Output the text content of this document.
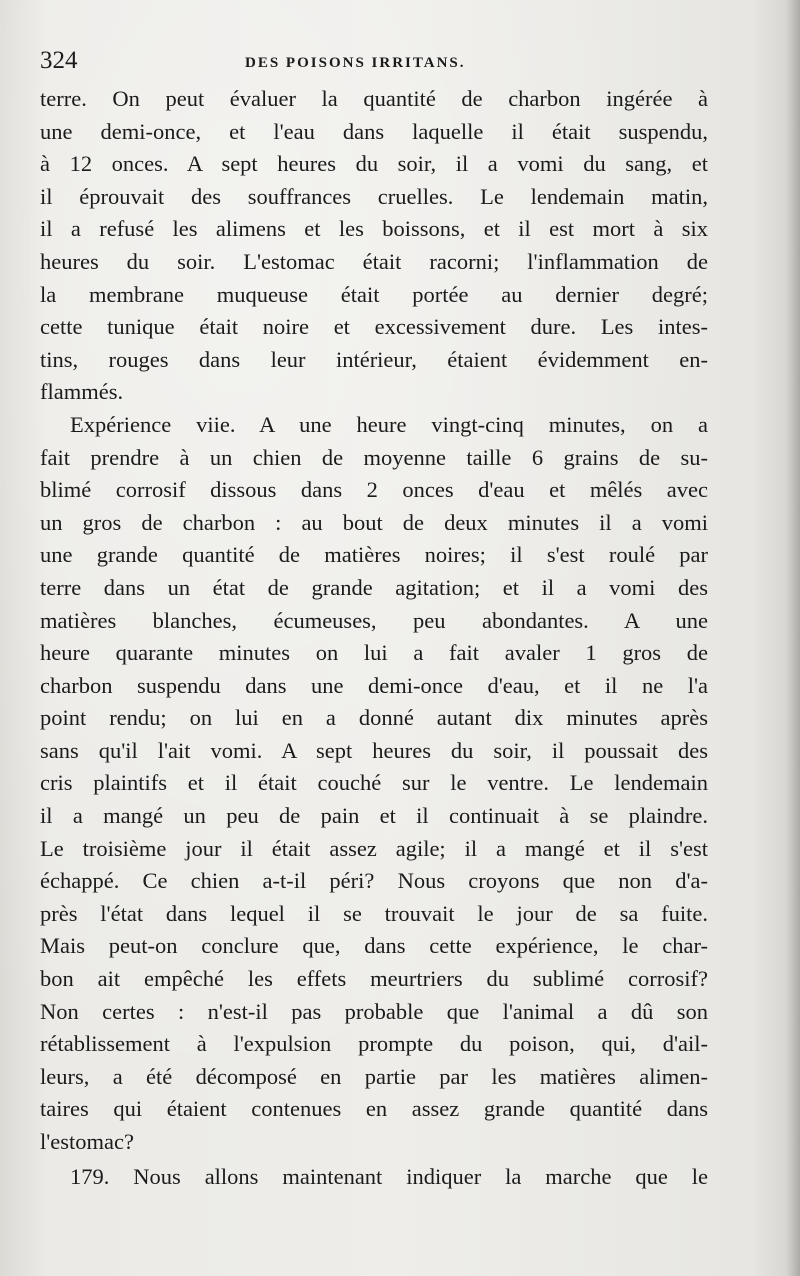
324	DES POISONS IRRITANS.
terre. On peut évaluer la quantité de charbon ingérée à
une demi-once, et l'eau dans laquelle il était suspendu,
à 12 onces. A sept heures du soir, il a vomi du sang, et
il éprouvait des souffrances cruelles. Le lendemain matin,
il a refusé les alimens et les boissons, et il est mort à six
heures du soir. L'estomac était racorni; l'inflammation de
la membrane muqueuse était portée au dernier degré;
cette tunique était noire et excessivement dure. Les intes-
tins, rouges dans leur intérieur, étaient évidemment en-
flammés.
Expérience viie. A une heure vingt-cinq minutes, on a
fait prendre à un chien de moyenne taille 6 grains de su-
blimé corrosif dissous dans 2 onces d'eau et mêlés avec
un gros de charbon : au bout de deux minutes il a vomi
une grande quantité de matières noires; il s'est roulé par
terre dans un état de grande agitation; et il a vomi des
matières blanches, écumeuses, peu abondantes. A une
heure quarante minutes on lui a fait avaler 1 gros de
charbon suspendu dans une demi-once d'eau, et il ne l'a
point rendu; on lui en a donné autant dix minutes après
sans qu'il l'ait vomi. A sept heures du soir, il poussait des
cris plaintifs et il était couché sur le ventre. Le lendemain
il a mangé un peu de pain et il continuait à se plaindre.
Le troisième jour il était assez agile; il a mangé et il s'est
échappé. Ce chien a-t-il péri? Nous croyons que non d'a-
près l'état dans lequel il se trouvait le jour de sa fuite.
Mais peut-on conclure que, dans cette expérience, le char-
bon ait empêché les effets meurtriers du sublimé corrosif?
Non certes : n'est-il pas probable que l'animal a dû son
rétablissement à l'expulsion prompte du poison, qui, d'ail-
leurs, a été décomposé en partie par les matières alimen-
taires qui étaient contenues en assez grande quantité dans
l'estomac?
179. Nous allons maintenant indiquer la marche que le
